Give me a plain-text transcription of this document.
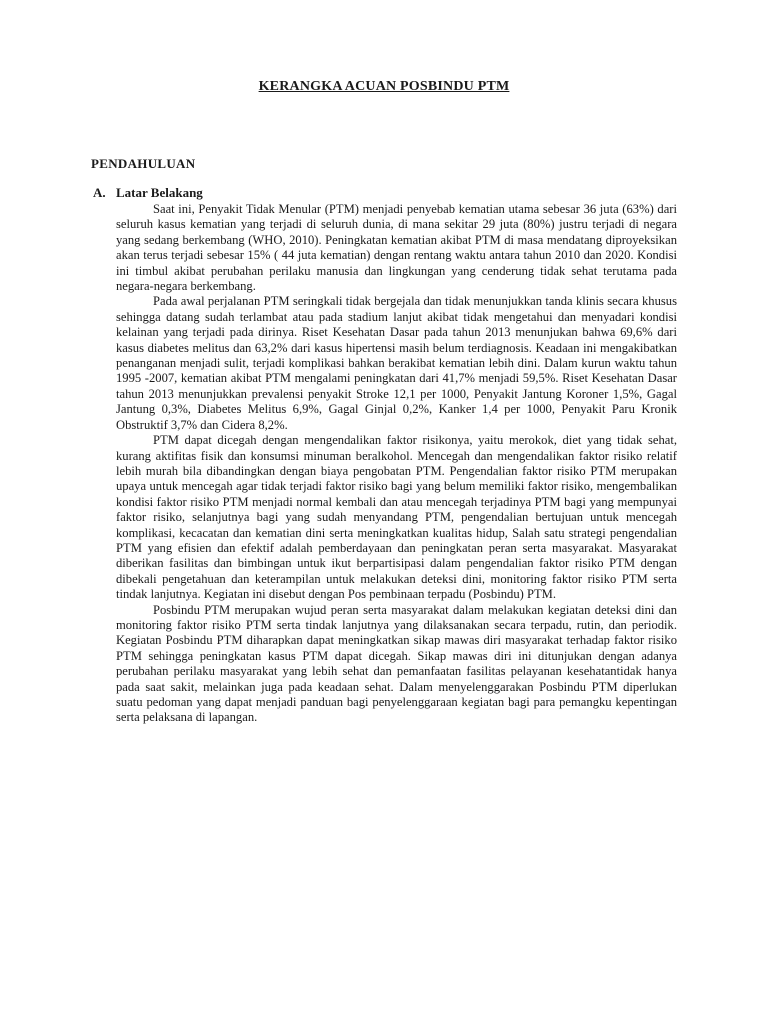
KERANGKA ACUAN POSBINDU PTM
PENDAHULUAN
A. Latar Belakang

Saat ini, Penyakit Tidak Menular (PTM) menjadi penyebab kematian utama sebesar 36 juta (63%) dari seluruh kasus kematian yang terjadi di seluruh dunia, di mana sekitar 29 juta (80%) justru terjadi di negara yang sedang berkembang (WHO, 2010). Peningkatan kematian akibat PTM di masa mendatang diproyeksikan akan terus terjadi sebesar 15% ( 44 juta kematian) dengan rentang waktu antara tahun 2010 dan 2020. Kondisi ini timbul akibat perubahan perilaku manusia dan lingkungan yang cenderung tidak sehat terutama pada negara-negara berkembang.

Pada awal perjalanan PTM seringkali tidak bergejala dan tidak menunjukkan tanda klinis secara khusus sehingga datang sudah terlambat atau pada stadium lanjut akibat tidak mengetahui dan menyadari kondisi kelainan yang terjadi pada dirinya. Riset Kesehatan Dasar pada tahun 2013 menunjukan bahwa 69,6% dari kasus diabetes melitus dan 63,2% dari kasus hipertensi masih belum terdiagnosis. Keadaan ini mengakibatkan penanganan menjadi sulit, terjadi komplikasi bahkan berakibat kematian lebih dini. Dalam kurun waktu tahun 1995 -2007, kematian akibat PTM mengalami peningkatan dari 41,7% menjadi 59,5%. Riset Kesehatan Dasar tahun 2013 menunjukkan prevalensi penyakit Stroke 12,1 per 1000, Penyakit Jantung Koroner 1,5%, Gagal Jantung 0,3%, Diabetes Melitus 6,9%, Gagal Ginjal 0,2%, Kanker 1,4 per 1000, Penyakit Paru Kronik Obstruktif 3,7% dan Cidera 8,2%.

PTM dapat dicegah dengan mengendalikan faktor risikonya, yaitu merokok, diet yang tidak sehat, kurang aktifitas fisik dan konsumsi minuman beralkohol. Mencegah dan mengendalikan faktor risiko relatif lebih murah bila dibandingkan dengan biaya pengobatan PTM. Pengendalian faktor risiko PTM merupakan upaya untuk mencegah agar tidak terjadi faktor risiko bagi yang belum memiliki faktor risiko, mengembalikan kondisi faktor risiko PTM menjadi normal kembali dan atau mencegah terjadinya PTM bagi yang mempunyai faktor risiko, selanjutnya bagi yang sudah menyandang PTM, pengendalian bertujuan untuk mencegah komplikasi, kecacatan dan kematian dini serta meningkatkan kualitas hidup, Salah satu strategi pengendalian PTM yang efisien dan efektif adalah pemberdayaan dan peningkatan peran serta masyarakat. Masyarakat diberikan fasilitas dan bimbingan untuk ikut berpartisipasi dalam pengendalian faktor risiko PTM dengan dibekali pengetahuan dan keterampilan untuk melakukan deteksi dini, monitoring faktor risiko PTM serta tindak lanjutnya. Kegiatan ini disebut dengan Pos pembinaan terpadu (Posbindu) PTM.

Posbindu PTM merupakan wujud peran serta masyarakat dalam melakukan kegiatan deteksi dini dan monitoring faktor risiko PTM serta tindak lanjutnya yang dilaksanakan secara terpadu, rutin, dan periodik. Kegiatan Posbindu PTM diharapkan dapat meningkatkan sikap mawas diri masyarakat terhadap faktor risiko PTM sehingga peningkatan kasus PTM dapat dicegah. Sikap mawas diri ini ditunjukan dengan adanya perubahan perilaku masyarakat yang lebih sehat dan pemanfaatan fasilitas pelayanan kesehatantidak hanya pada saat sakit, melainkan juga pada keadaan sehat. Dalam menyelenggarakan Posbindu PTM diperlukan suatu pedoman yang dapat menjadi panduan bagi penyelenggaraan kegiatan bagi para pemangku kepentingan serta pelaksana di lapangan.
